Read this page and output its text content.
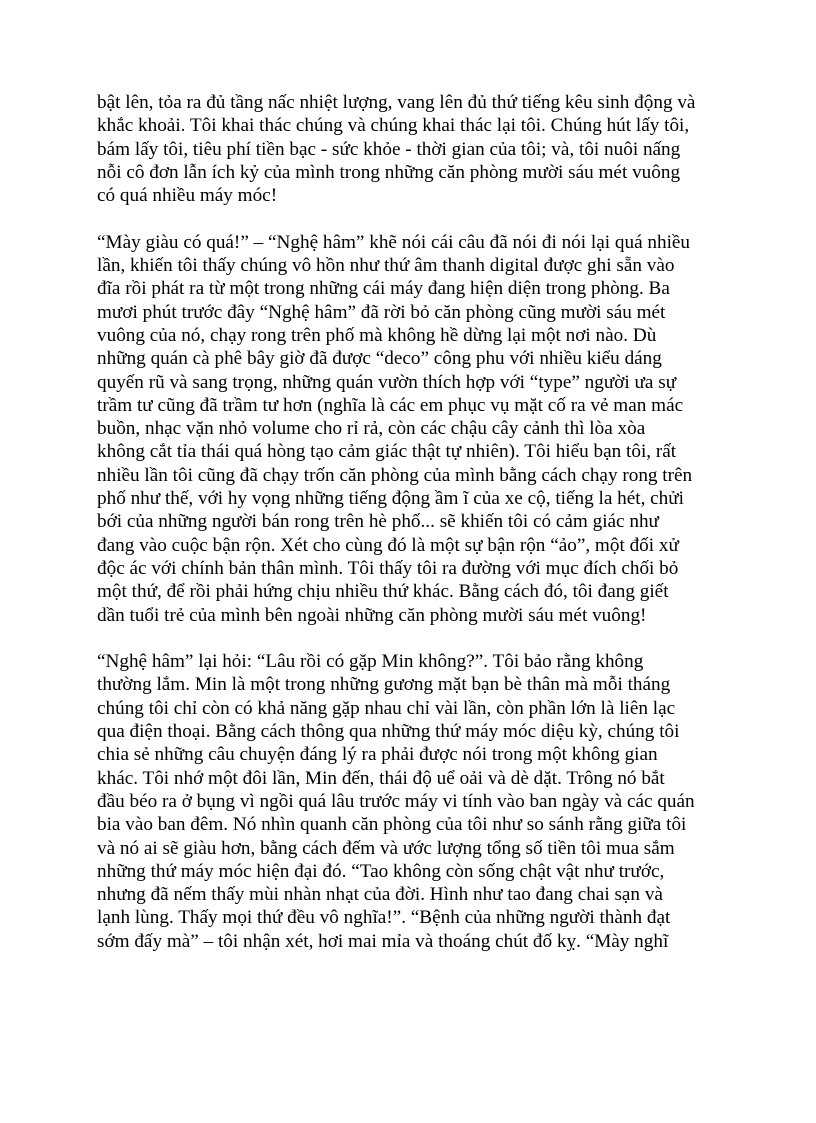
bật lên, tỏa ra đủ tầng nấc nhiệt lượng, vang lên đủ thứ tiếng kêu sinh động và
khắc khoải. Tôi khai thác chúng và chúng khai thác lại tôi. Chúng hút lấy tôi,
bám lấy tôi, tiêu phí tiền bạc - sức khỏe - thời gian của tôi; và, tôi nuôi nấng
nỗi cô đơn lẫn ích kỷ của mình trong những căn phòng mười sáu mét vuông
có quá nhiều máy móc!
“Mày giàu có quá!” – “Nghệ hâm” khẽ nói cái câu đã nói đi nói lại quá nhiều
lần, khiến tôi thấy chúng vô hồn như thứ âm thanh digital được ghi sẵn vào
đĩa rồi phát ra từ một trong những cái máy đang hiện diện trong phòng. Ba
mươi phút trước đây “Nghệ hâm” đã rời bỏ căn phòng cũng mười sáu mét
vuông của nó, chạy rong trên phố mà không hề dừng lại một nơi nào. Dù
những quán cà phê bây giờ đã được “deco” công phu với nhiều kiểu dáng
quyến rũ và sang trọng, những quán vườn thích hợp với “type” người ưa sự
trầm tư cũng đã trầm tư hơn (nghĩa là các em phục vụ mặt cố ra vẻ man mác
buồn, nhạc vặn nhỏ volume cho rỉ rả, còn các chậu cây cảnh thì lòa xòa
không cắt tỉa thái quá hòng tạo cảm giác thật tự nhiên). Tôi hiểu bạn tôi, rất
nhiều lần tôi cũng đã chạy trốn căn phòng của mình bằng cách chạy rong trên
phố như thế, với hy vọng những tiếng động ầm ĩ của xe cộ, tiếng la hét, chửi
bới của những người bán rong trên hè phố... sẽ khiến tôi có cảm giác như
đang vào cuộc bận rộn. Xét cho cùng đó là một sự bận rộn “ảo”, một đối xử
độc ác với chính bản thân mình. Tôi thấy tôi ra đường với mục đích chối bỏ
một thứ, để rồi phải hứng chịu nhiều thứ khác. Bằng cách đó, tôi đang giết
dần tuổi trẻ của mình bên ngoài những căn phòng mười sáu mét vuông!
“Nghệ hâm” lại hỏi: “Lâu rồi có gặp Min không?”. Tôi bảo rằng không
thường lắm. Min là một trong những gương mặt bạn bè thân mà mỗi tháng
chúng tôi chỉ còn có khả năng gặp nhau chỉ vài lần, còn phần lớn là liên lạc
qua điện thoại. Bằng cách thông qua những thứ máy móc diệu kỳ, chúng tôi
chia sẻ những câu chuyện đáng lý ra phải được nói trong một không gian
khác. Tôi nhớ một đôi lần, Min đến, thái độ uể oải và dè dặt. Trông nó bắt
đầu béo ra ở bụng vì ngồi quá lâu trước máy vi tính vào ban ngày và các quán
bia vào ban đêm. Nó nhìn quanh căn phòng của tôi như so sánh rằng giữa tôi
và nó ai sẽ giàu hơn, bằng cách đếm và ước lượng tổng số tiền tôi mua sắm
những thứ máy móc hiện đại đó. “Tao không còn sống chật vật như trước,
nhưng đã nếm thấy mùi nhàn nhạt của đời. Hình như tao đang chai sạn và
lạnh lùng. Thấy mọi thứ đều vô nghĩa!”. “Bệnh của những người thành đạt
sớm đấy mà” – tôi nhận xét, hơi mai mỉa và thoáng chút đố kỵ. “Mày nghĩ
